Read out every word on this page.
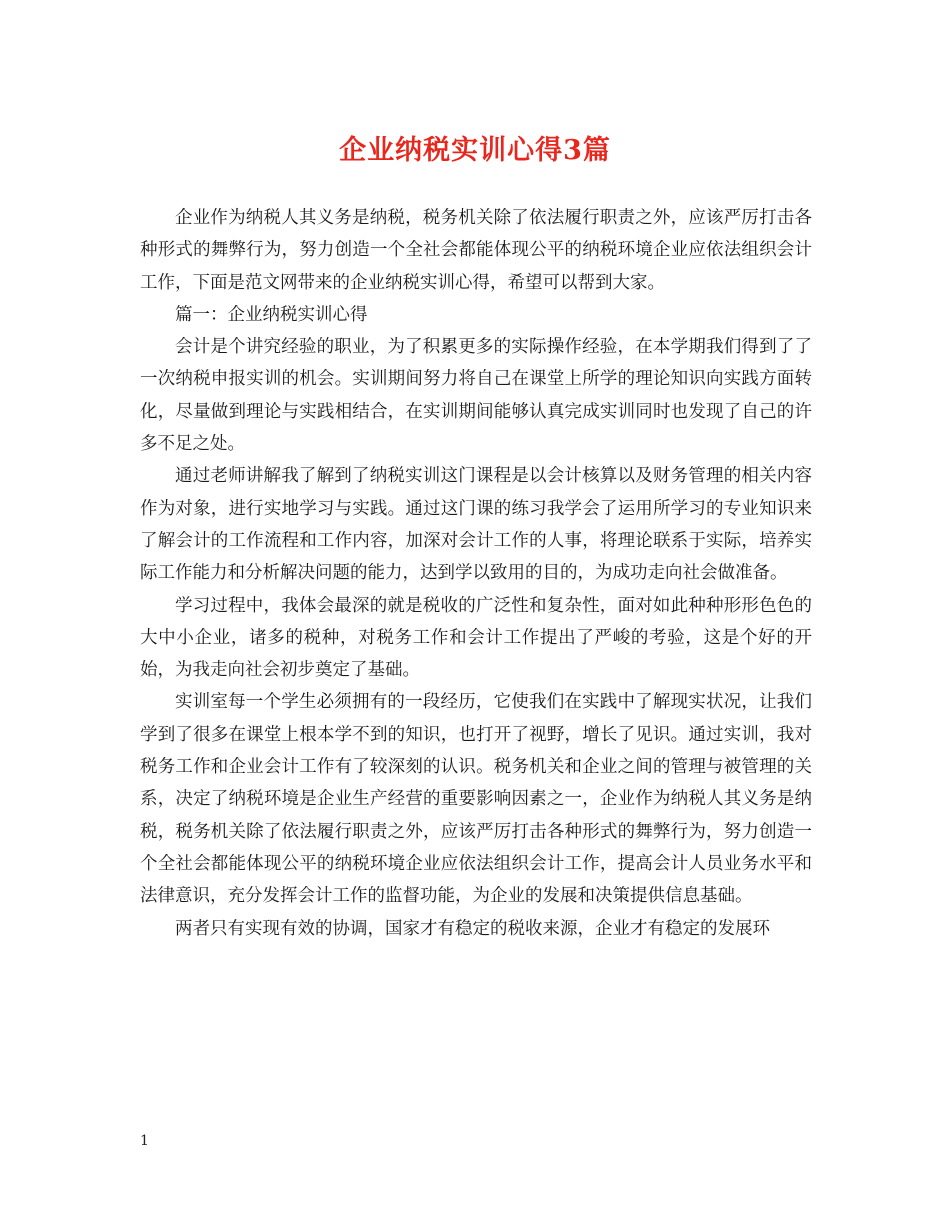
企业纳税实训心得3篇

企业作为纳税人其义务是纳税，税务机关除了依法履行职责之外，应该严厉打击各种形式的舞弊行为，努力创造一个全社会都能体现公平的纳税环境企业应依法组织会计工作，下面是范文网带来的企业纳税实训心得，希望可以帮到大家。

篇一：企业纳税实训心得

会计是个讲究经验的职业，为了积累更多的实际操作经验，在本学期我们得到了了一次纳税申报实训的机会。实训期间努力将自己在课堂上所学的理论知识向实践方面转化，尽量做到理论与实践相结合，在实训期间能够认真完成实训同时也发现了自己的许多不足之处。

通过老师讲解我了解到了纳税实训这门课程是以会计核算以及财务管理的相关内容作为对象，进行实地学习与实践。通过这门课的练习我学会了运用所学习的专业知识来了解会计的工作流程和工作内容，加深对会计工作的人事，将理论联系于实际，培养实际工作能力和分析解决问题的能力，达到学以致用的目的，为成功走向社会做准备。

学习过程中，我体会最深的就是税收的广泛性和复杂性，面对如此种种形形色色的大中小企业，诸多的税种，对税务工作和会计工作提出了严峻的考验，这是个好的开始，为我走向社会初步奠定了基础。

实训室每一个学生必须拥有的一段经历，它使我们在实践中了解现实状况，让我们学到了很多在课堂上根本学不到的知识，也打开了视野，增长了见识。通过实训，我对税务工作和企业会计工作有了较深刻的认识。税务机关和企业之间的管理与被管理的关系，决定了纳税环境是企业生产经营的重要影响因素之一，企业作为纳税人其义务是纳税，税务机关除了依法履行职责之外，应该严厉打击各种形式的舞弊行为，努力创造一个全社会都能体现公平的纳税环境企业应依法组织会计工作，提高会计人员业务水平和法律意识，充分发挥会计工作的监督功能，为企业的发展和决策提供信息基础。

两者只有实现有效的协调，国家才有稳定的税收来源，企业才有稳定的发展环

1
